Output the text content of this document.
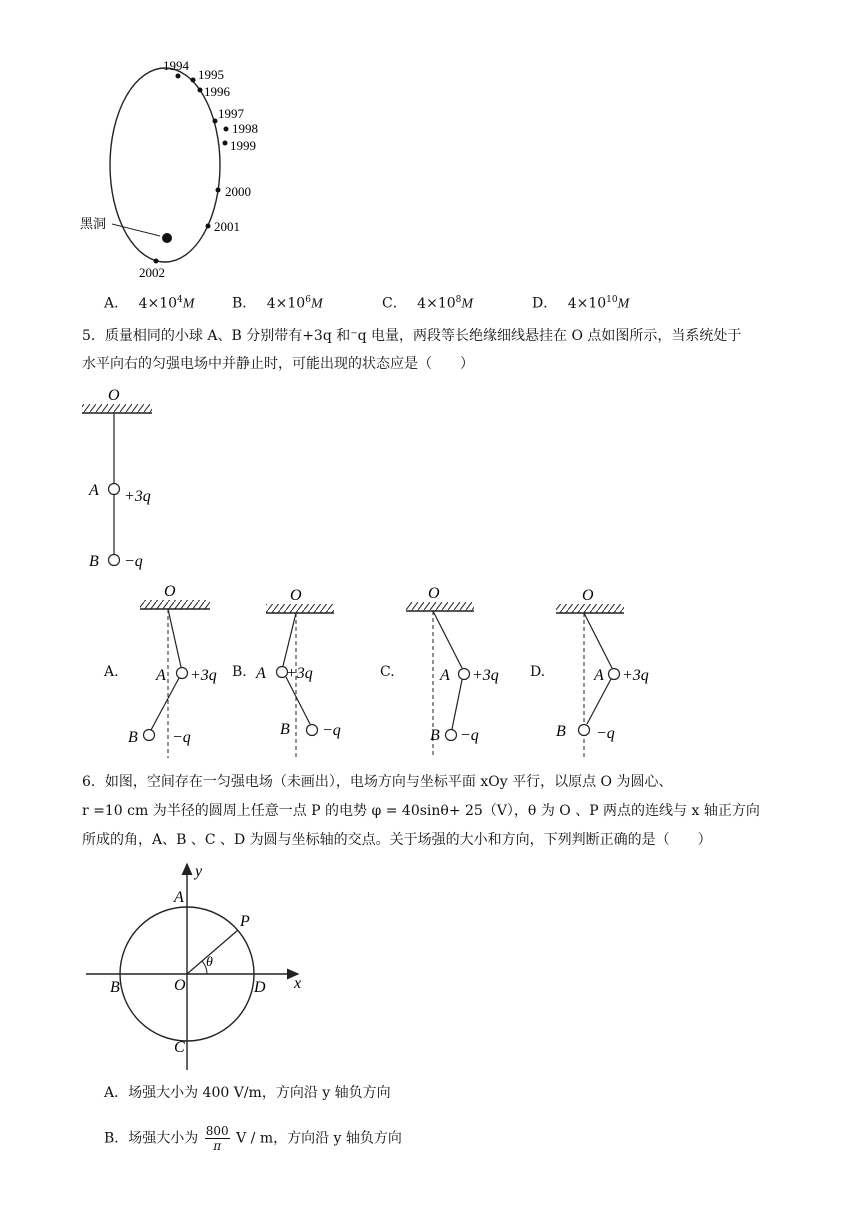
1994
1995
1996
1997
1998
1999
2000
2001
2002
黑洞
A． $4\times 10^4M$	B． $4\times 10^6M$	C． $4\times 10^8M$	D． $4\times 10^{10}M$
5．质量相同的小球 A、B 分别带有+3q 和⁻q 电量，两段等长绝缘细线悬挂在 O 点如图所示，当系统处于
水平向右的匀强电场中并静止时，可能出现的状态应是（　　）
O
A +3q
B −q
A.	B.	C.	D.
O
A +3q
B −q
O
A +3q
B −q
O
A +3q
B −q
O
A +3q
B −q
6．如图，空间存在一匀强电场（未画出），电场方向与坐标平面 xOy 平行，以原点 O 为圆心、
r =10 cm 为半径的圆周上任意一点 P 的电势 φ = 40sinθ+ 25（V），θ 为 O 、P 两点的连线与 x 轴正方向
所成的角，A、B 、C 、D 为圆与坐标轴的交点。关于场强的大小和方向，下列判断正确的是（　　）
x
y
A
B	O	D
C
P
θ
A．场强大小为 400 V/m，方向沿 y 轴负方向
B．场强大小为 $\frac{800}{\pi}$ V / m，方向沿 y 轴负方向
